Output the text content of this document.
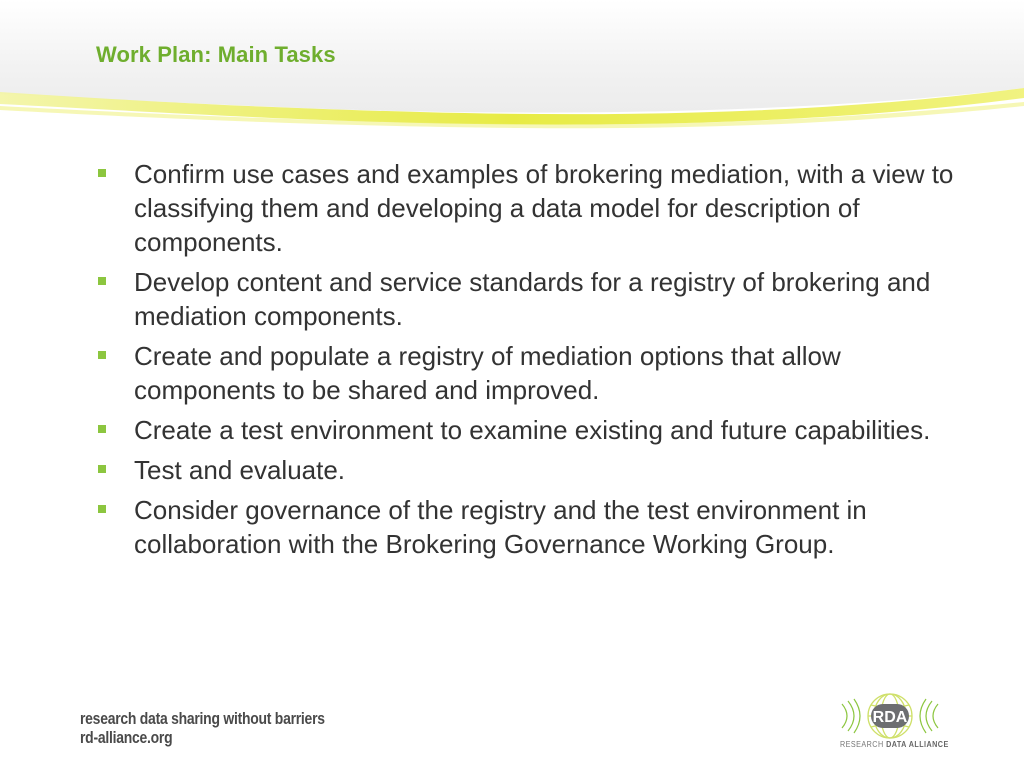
Work Plan: Main Tasks
Confirm use cases and examples of brokering mediation, with a view to classifying them and developing a data model for description of components.
Develop content and service standards for a registry of brokering and mediation components.
Create and populate a registry of mediation options that allow components to be shared and improved.
Create a test environment to examine existing and future capabilities.
Test and evaluate.
Consider governance of the registry and the test environment in collaboration with the Brokering Governance Working Group.
research data sharing without barriers
rd-alliance.org
RDA
RESEARCH DATA ALLIANCE
